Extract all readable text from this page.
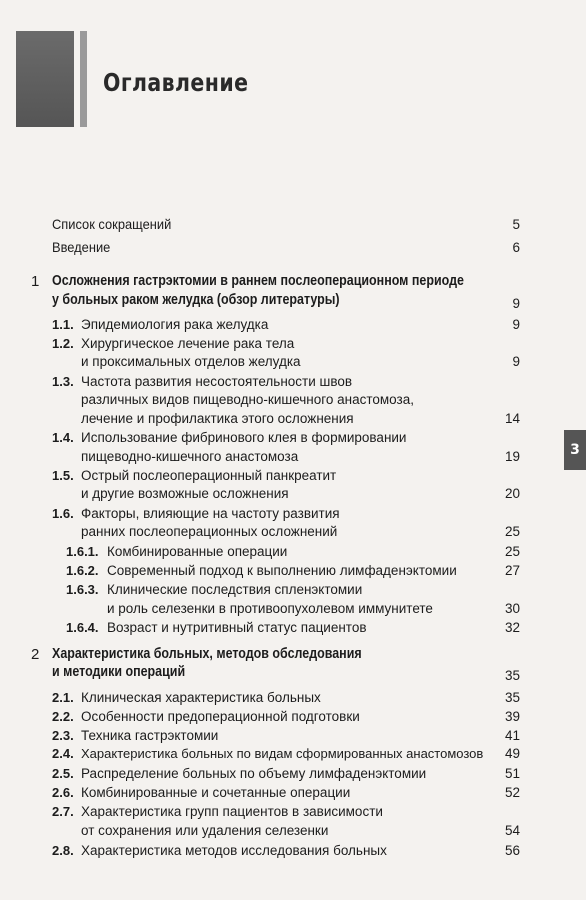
Оглавление
3
Список сокращений	5
Введение	6
1 Осложнения гастрэктомии в раннем послеоперационном периоде
у больных раком желудка (обзор литературы)	9
1.1. Эпидемиология рака желудка	9
1.2. Хирургическое лечение рака тела
и проксимальных отделов желудка	9
1.3. Частота развития несостоятельности швов
различных видов пищеводно-кишечного анастомоза,
лечение и профилактика этого осложнения	14
1.4. Использование фибринового клея в формировании
пищеводно-кишечного анастомоза	19
1.5. Острый послеоперационный панкреатит
и другие возможные осложнения	20
1.6. Факторы, влияющие на частоту развития
ранних послеоперационных осложнений	25
1.6.1. Комбинированные операции	25
1.6.2. Современный подход к выполнению лимфаденэктомии	27
1.6.3. Клинические последствия спленэктомии
и роль селезенки в противоопухолевом иммунитете	30
1.6.4. Возраст и нутритивный статус пациентов	32
2 Характеристика больных, методов обследования
и методики операций	35
2.1. Клиническая характеристика больных	35
2.2. Особенности предоперационной подготовки	39
2.3. Техника гастрэктомии	41
2.4. Характеристика больных по видам сформированных анастомозов	49
2.5. Распределение больных по объему лимфаденэктомии	51
2.6. Комбинированные и сочетанные операции	52
2.7. Характеристика групп пациентов в зависимости
от сохранения или удаления селезенки	54
2.8. Характеристика методов исследования больных	56
